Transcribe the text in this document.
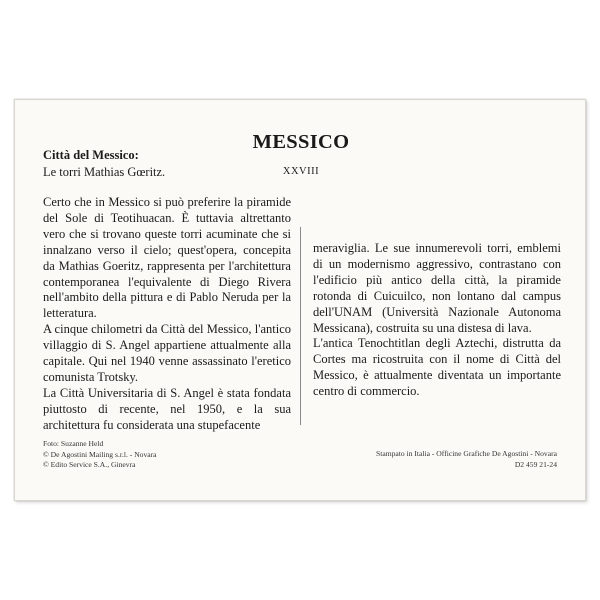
MESSICO
XXVIII
Città del Messico:
Le torri Mathias Gœritz.

Certo che in Messico si può preferire la piramide del Sole di Teotihuacan. È tuttavia altrettanto vero che si trovano queste torri acuminate che si innalzano verso il cielo; quest'opera, concepita da Mathias Goeritz, rappresenta per l'architettura contemporanea l'equivalente di Diego Rivera nell'ambito della pittura e di Pablo Neruda per la letteratura.

A cinque chilometri da Città del Messico, l'antico villaggio di S. Angel appartiene attualmente alla capitale. Qui nel 1940 venne assassinato l'eretico comunista Trotsky.

La Città Universitaria di S. Angel è stata fondata piuttosto di recente, nel 1950, e la sua architettura fu considerata una stupefacente

meraviglia. Le sue innumerevoli torri, emblemi di un modernismo aggressivo, contrastano con l'edificio più antico della città, la piramide rotonda di Cuicuilco, non lontano dal campus dell'UNAM (Università Nazionale Autonoma Messicana), costruita su una distesa di lava.

L'antica Tenochtitlan degli Aztechi, distrutta da Cortes ma ricostruita con il nome di Città del Messico, è attualmente diventata un importante centro di commercio.

Foto: Suzanne Held
© De Agostini Mailing s.r.l. - Novara
© Edito Service S.A., Ginevra
Stampato in Italia - Officine Grafiche De Agostini - Novara
D2 459 21-24
